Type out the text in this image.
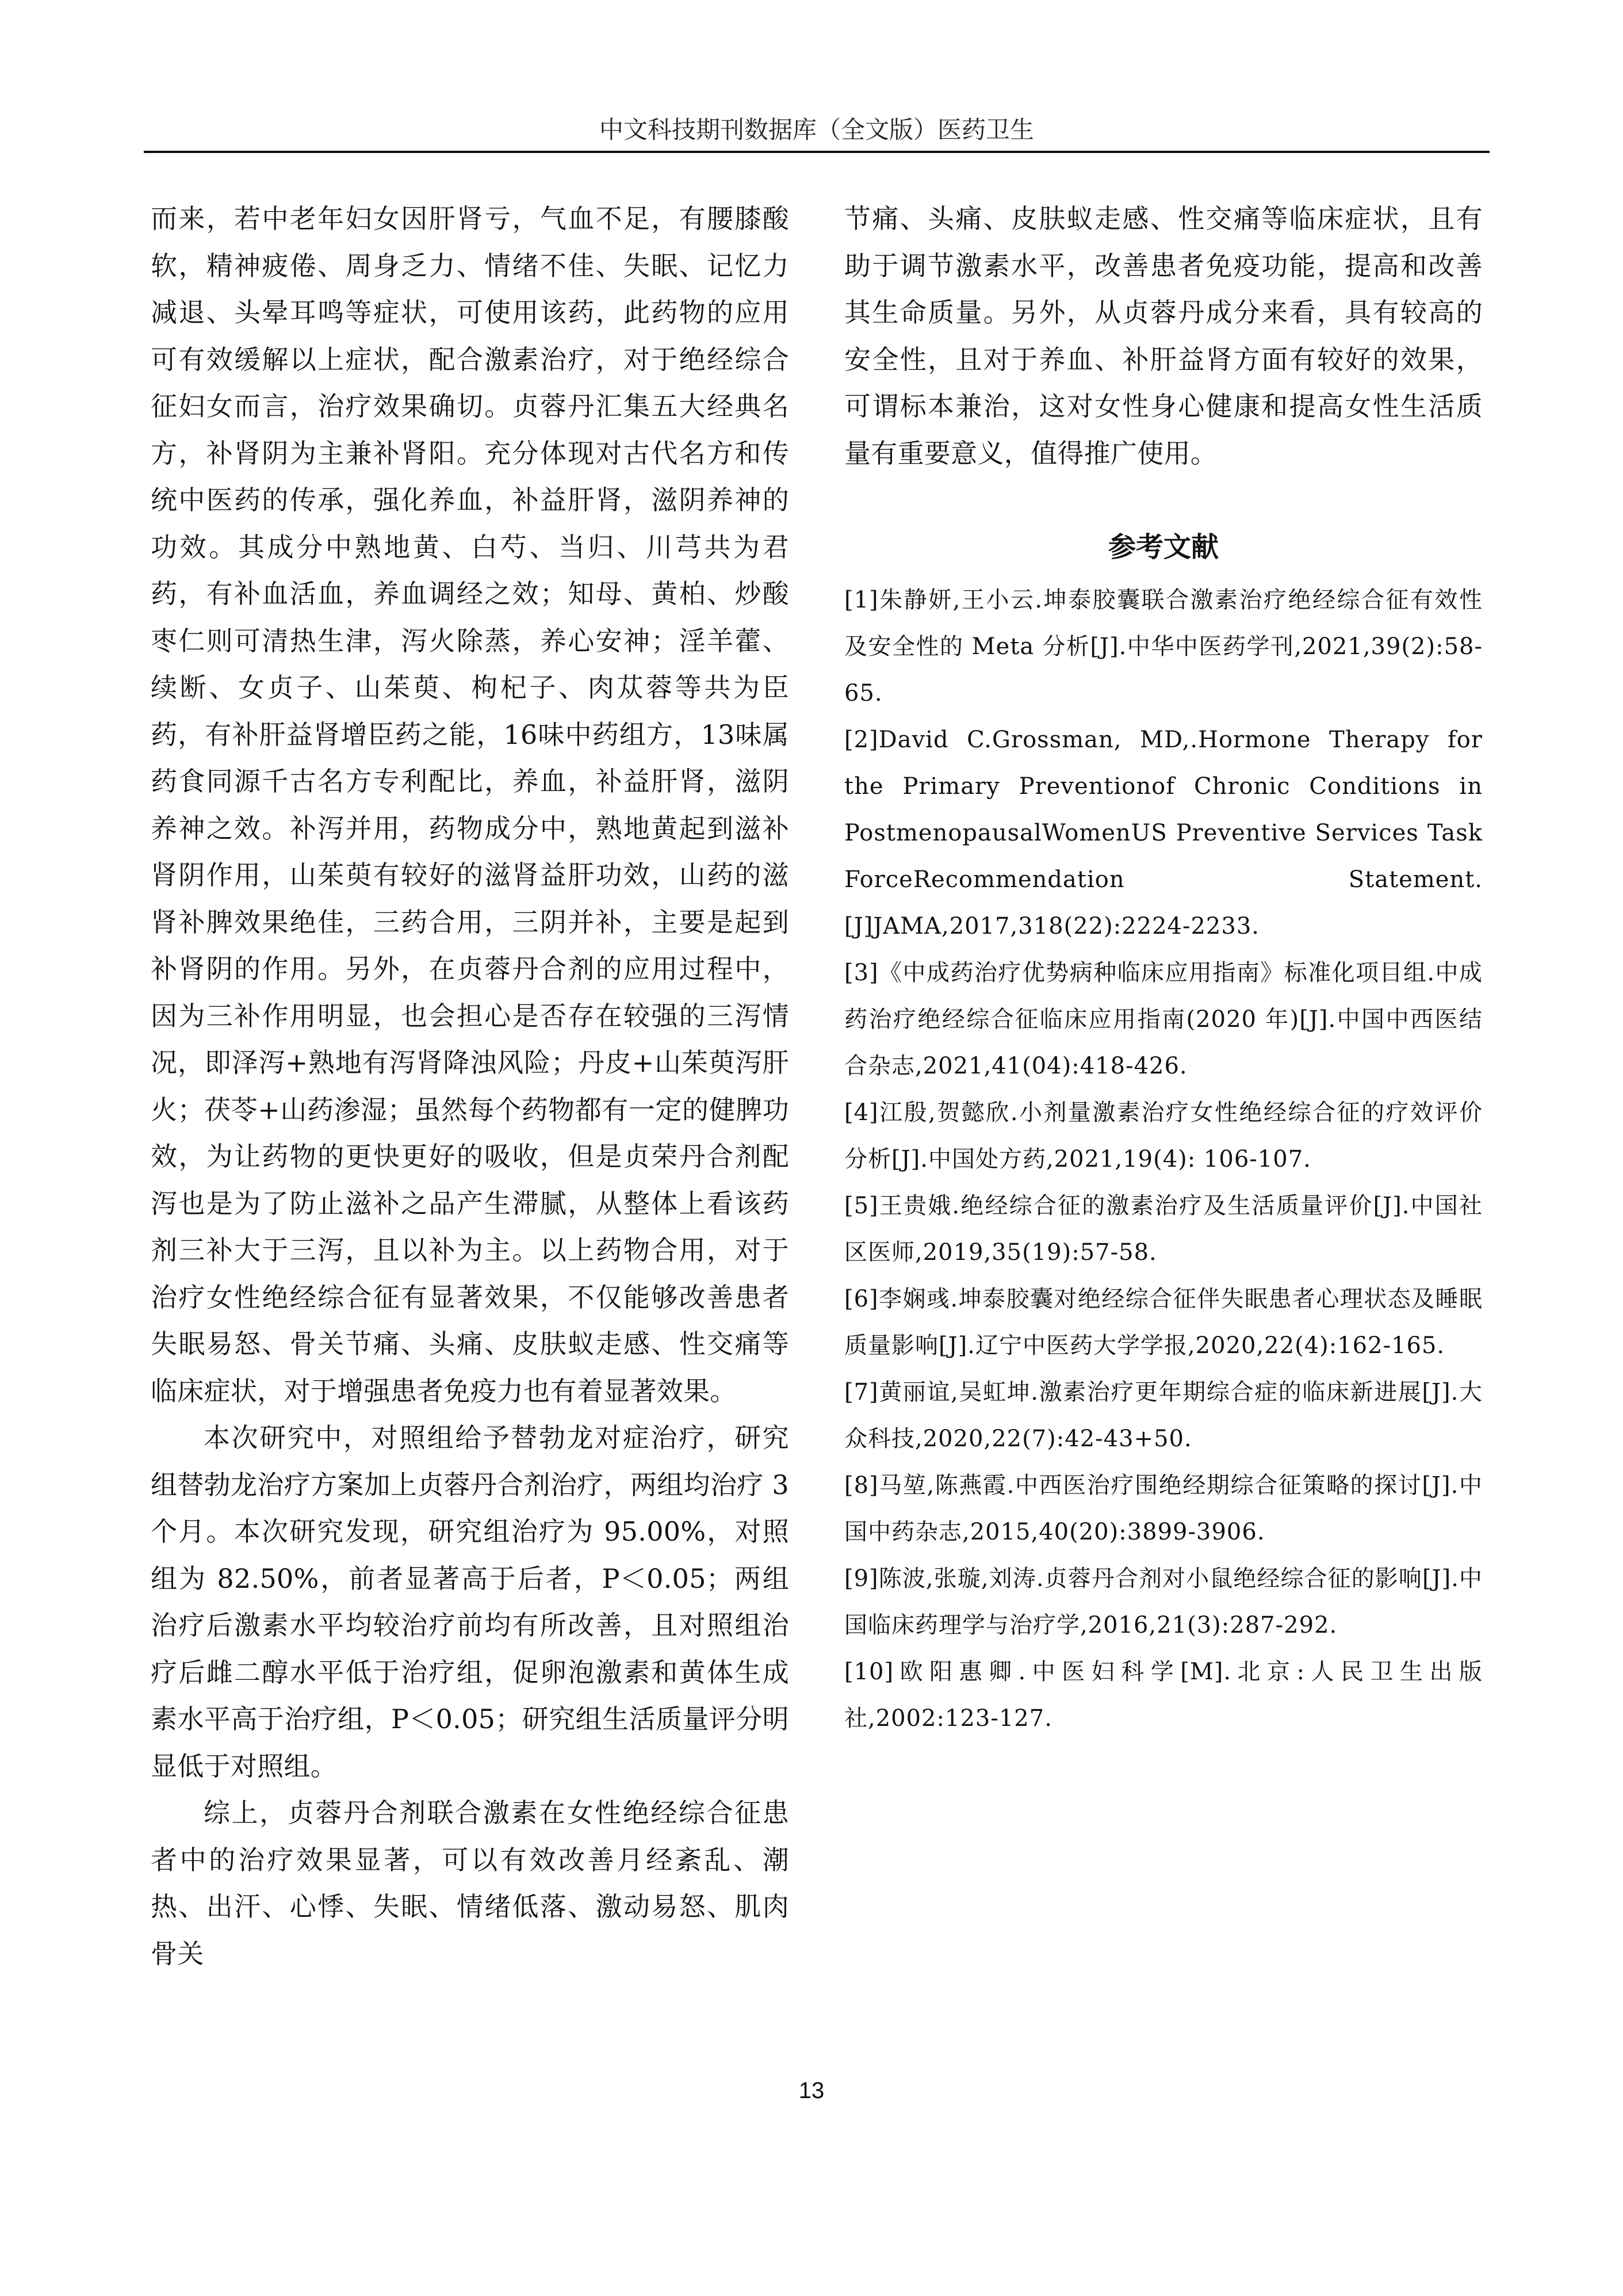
中文科技期刊数据库（全文版）医药卫生

而来，若中老年妇女因肝肾亏，气血不足，有腰膝酸软，精神疲倦、周身乏力、情绪不佳、失眠、记忆力减退、头晕耳鸣等症状，可使用该药，此药物的应用可有效缓解以上症状，配合激素治疗，对于绝经综合征妇女而言，治疗效果确切。贞蓉丹汇集五大经典名方，补肾阴为主兼补肾阳。充分体现对古代名方和传统中医药的传承，强化养血，补益肝肾，滋阴养神的功效。其成分中熟地黄、白芍、当归、川芎共为君药，有补血活血，养血调经之效；知母、黄柏、炒酸枣仁则可清热生津，泻火除蒸，养心安神；淫羊藿、续断、女贞子、山茱萸、枸杞子、肉苁蓉等共为臣药，有补肝益肾增臣药之能，16味中药组方，13味属药食同源千古名方专利配比，养血，补益肝肾，滋阴养神之效。补泻并用，药物成分中，熟地黄起到滋补肾阴作用，山茱萸有较好的滋肾益肝功效，山药的滋肾补脾效果绝佳，三药合用，三阴并补，主要是起到补肾阴的作用。另外，在贞蓉丹合剂的应用过程中，因为三补作用明显，也会担心是否存在较强的三泻情况，即泽泻+熟地有泻肾降浊风险；丹皮+山茱萸泻肝火；茯苓+山药渗湿；虽然每个药物都有一定的健脾功效，为让药物的更快更好的吸收，但是贞荣丹合剂配泻也是为了防止滋补之品产生滞腻，从整体上看该药剂三补大于三泻，且以补为主。以上药物合用，对于治疗女性绝经综合征有显著效果，不仅能够改善患者失眠易怒、骨关节痛、头痛、皮肤蚁走感、性交痛等临床症状，对于增强患者免疫力也有着显著效果。

本次研究中，对照组给予替勃龙对症治疗，研究组替勃龙治疗方案加上贞蓉丹合剂治疗，两组均治疗 3 个月。本次研究发现，研究组治疗为 95.00%，对照组为 82.50%，前者显著高于后者，P＜0.05；两组治疗后激素水平均较治疗前均有所改善，且对照组治疗后雌二醇水平低于治疗组，促卵泡激素和黄体生成素水平高于治疗组，P＜0.05；研究组生活质量评分明显低于对照组。

综上，贞蓉丹合剂联合激素在女性绝经综合征患者中的治疗效果显著，可以有效改善月经紊乱、潮热、出汗、心悸、失眠、情绪低落、激动易怒、肌肉骨关

节痛、头痛、皮肤蚁走感、性交痛等临床症状，且有助于调节激素水平，改善患者免疫功能，提高和改善其生命质量。另外，从贞蓉丹成分来看，具有较高的安全性，且对于养血、补肝益肾方面有较好的效果，可谓标本兼治，这对女性身心健康和提高女性生活质量有重要意义，值得推广使用。

参考文献

[1]朱静妍,王小云.坤泰胶囊联合激素治疗绝经综合征有效性及安全性的 Meta 分析[J].中华中医药学刊,2021,39(2):58-65.

[2]David C.Grossman, MD,.Hormone Therapy for the Primary Preventionof Chronic Conditions in PostmenopausalWomenUS Preventive Services Task ForceRecommendation Statement.[J]JAMA,2017,318(22):2224-2233.

[3]《中成药治疗优势病种临床应用指南》标准化项目组.中成药治疗绝经综合征临床应用指南(2020 年)[J].中国中西医结合杂志,2021,41(04):418-426.

[4]江殷,贺懿欣.小剂量激素治疗女性绝经综合征的疗效评价分析[J].中国处方药,2021,19(4): 106-107.

[5]王贵娥.绝经综合征的激素治疗及生活质量评价[J].中国社区医师,2019,35(19):57-58.

[6]李娴彧.坤泰胶囊对绝经综合征伴失眠患者心理状态及睡眠质量影响[J].辽宁中医药大学学报,2020,22(4):162-165.

[7]黄丽谊,吴虹坤.激素治疗更年期综合症的临床新进展[J].大众科技,2020,22(7):42-43+50.

[8]马堃,陈燕霞.中西医治疗围绝经期综合征策略的探讨[J].中国中药杂志,2015,40(20):3899-3906.

[9]陈波,张璇,刘涛.贞蓉丹合剂对小鼠绝经综合征的影响[J].中国临床药理学与治疗学,2016,21(3):287-292.

[10]欧阳惠卿.中医妇科学[M].北京:人民卫生出版社,2002:123-127.

13
